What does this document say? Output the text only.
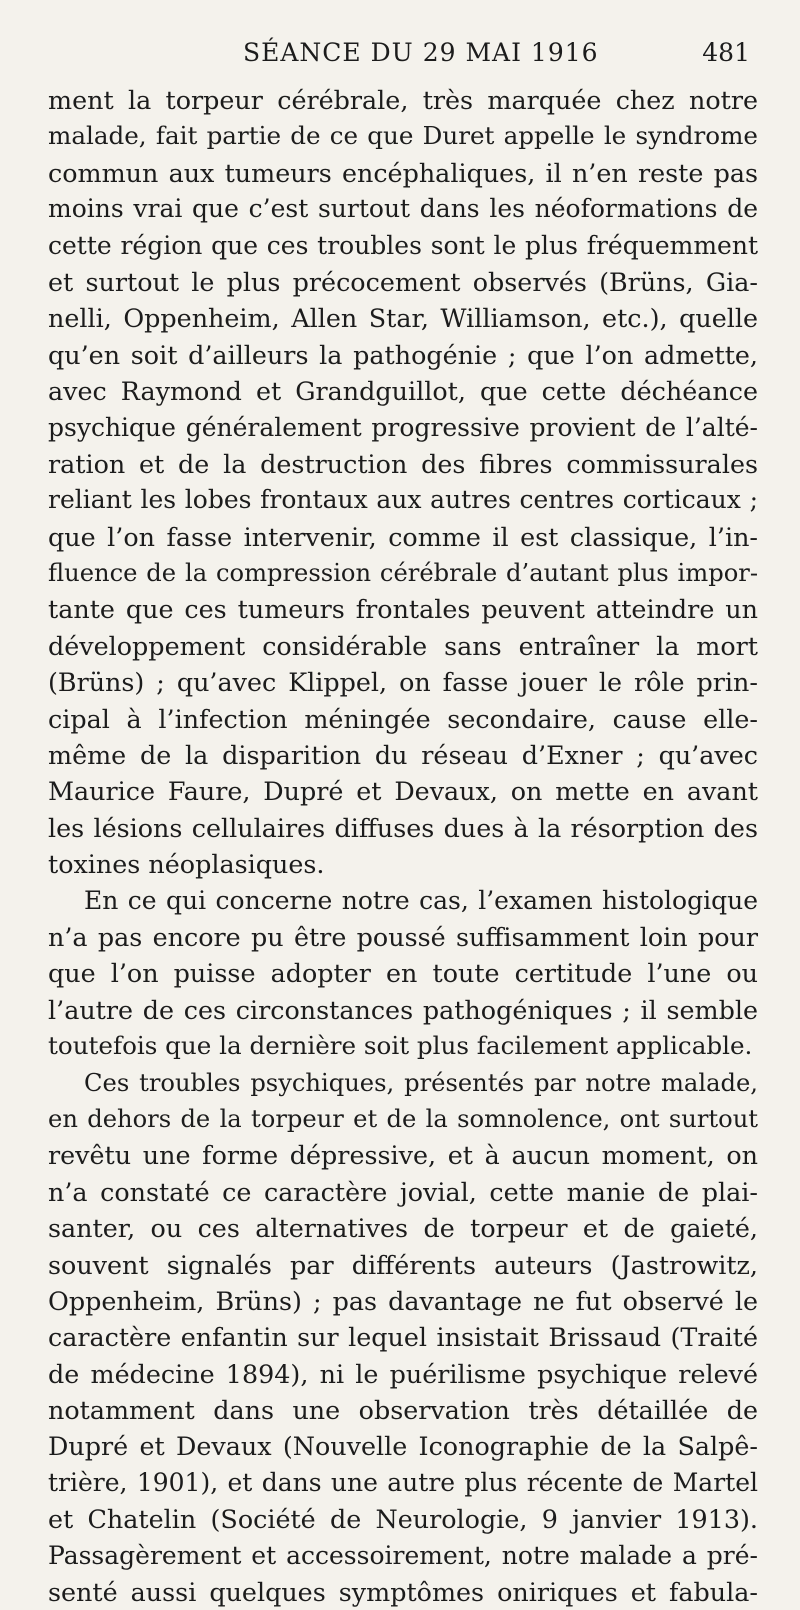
SÉANCE DU 29 MAI 1916	481
ment la torpeur cérébrale, très marquée chez notre
malade, fait partie de ce que Duret appelle le syndrome
commun aux tumeurs encéphaliques, il n’en reste pas
moins vrai que c’est surtout dans les néoformations de
cette région que ces troubles sont le plus fréquemment
et surtout le plus précocement observés (Brüns, Gia-
nelli, Oppenheim, Allen Star, Williamson, etc.), quelle
qu’en soit d’ailleurs la pathogénie ; que l’on admette,
avec Raymond et Grandguillot, que cette déchéance
psychique généralement progressive provient de l’alté-
ration et de la destruction des fibres commissurales
reliant les lobes frontaux aux autres centres corticaux ;
que l’on fasse intervenir, comme il est classique, l’in-
fluence de la compression cérébrale d’autant plus impor-
tante que ces tumeurs frontales peuvent atteindre un
développement considérable sans entraîner la mort
(Brüns) ; qu’avec Klippel, on fasse jouer le rôle prin-
cipal à l’infection méningée secondaire, cause elle-
même de la disparition du réseau d’Exner ; qu’avec
Maurice Faure, Dupré et Devaux, on mette en avant
les lésions cellulaires diffuses dues à la résorption des
toxines néoplasiques.
En ce qui concerne notre cas, l’examen histologique
n’a pas encore pu être poussé suffisamment loin pour
que l’on puisse adopter en toute certitude l’une ou
l’autre de ces circonstances pathogéniques ; il semble
toutefois que la dernière soit plus facilement applicable.
Ces troubles psychiques, présentés par notre malade,
en dehors de la torpeur et de la somnolence, ont surtout
revêtu une forme dépressive, et à aucun moment, on
n’a constaté ce caractère jovial, cette manie de plai-
santer, ou ces alternatives de torpeur et de gaieté,
souvent signalés par différents auteurs (Jastrowitz,
Oppenheim, Brüns) ; pas davantage ne fut observé le
caractère enfantin sur lequel insistait Brissaud (Traité
de médecine 1894), ni le puérilisme psychique relevé
notamment dans une observation très détaillée de
Dupré et Devaux (Nouvelle Iconographie de la Salpê-
trière, 1901), et dans une autre plus récente de Martel
et Chatelin (Société de Neurologie, 9 janvier 1913).
Passagèrement et accessoirement, notre malade a pré-
senté aussi quelques symptômes oniriques et fabula-
